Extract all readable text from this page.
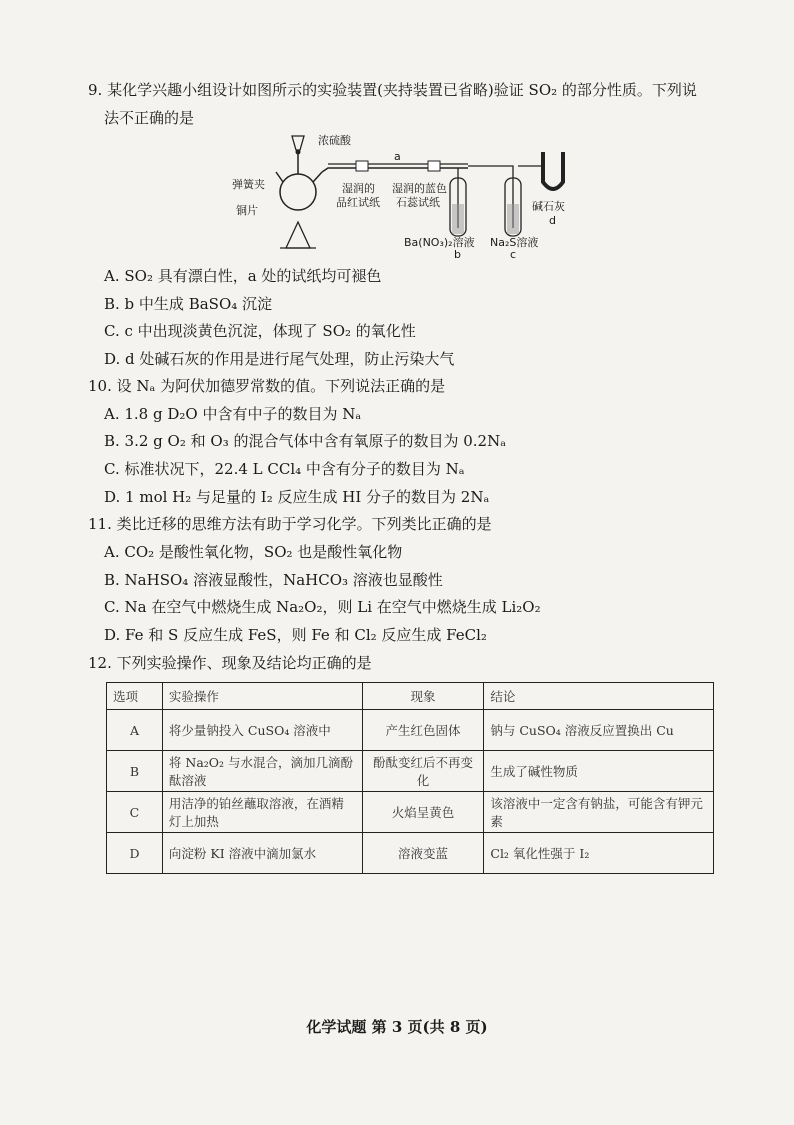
9. 某化学兴趣小组设计如图所示的实验装置(夹持装置已省略)验证 SO₂ 的部分性质。下列说
法不正确的是
浓硫酸
弹簧夹
铜片
a
湿润的
品红试纸
湿润的蓝色
石蕊试纸	碱石灰
d
Ba(NO₃)₂溶液
b
Na₂S溶液
c
A. SO₂ 具有漂白性，a 处的试纸均可褪色
B. b 中生成 BaSO₄ 沉淀
C. c 中出现淡黄色沉淀，体现了 SO₂ 的氧化性
D. d 处碱石灰的作用是进行尾气处理，防止污染大气
10. 设 Nₐ 为阿伏加德罗常数的值。下列说法正确的是
A. 1.8 g D₂O 中含有中子的数目为 Nₐ
B. 3.2 g O₂ 和 O₃ 的混合气体中含有氧原子的数目为 0.2Nₐ
C. 标准状况下，22.4 L CCl₄ 中含有分子的数目为 Nₐ
D. 1 mol H₂ 与足量的 I₂ 反应生成 HI 分子的数目为 2Nₐ
11. 类比迁移的思维方法有助于学习化学。下列类比正确的是
A. CO₂ 是酸性氧化物，SO₂ 也是酸性氧化物
B. NaHSO₄ 溶液显酸性，NaHCO₃ 溶液也显酸性
C. Na 在空气中燃烧生成 Na₂O₂，则 Li 在空气中燃烧生成 Li₂O₂
D. Fe 和 S 反应生成 FeS，则 Fe 和 Cl₂ 反应生成 FeCl₂
12. 下列实验操作、现象及结论均正确的是
选项	实验操作	现象	结论
A	将少量钠投入 CuSO₄ 溶液中	产生红色固体	钠与 CuSO₄ 溶液反应置换出 Cu
B	将 Na₂O₂ 与水混合，滴加几滴酚酞溶液	酚酞变红后不再变化	生成了碱性物质
C	用洁净的铂丝蘸取溶液，在酒精灯上加热	火焰呈黄色	该溶液中一定含有钠盐，可能含有钾元素
D	向淀粉 KI 溶液中滴加氯水	溶液变蓝	Cl₂ 氧化性强于 I₂
化学试题 第 3 页(共 8 页)
